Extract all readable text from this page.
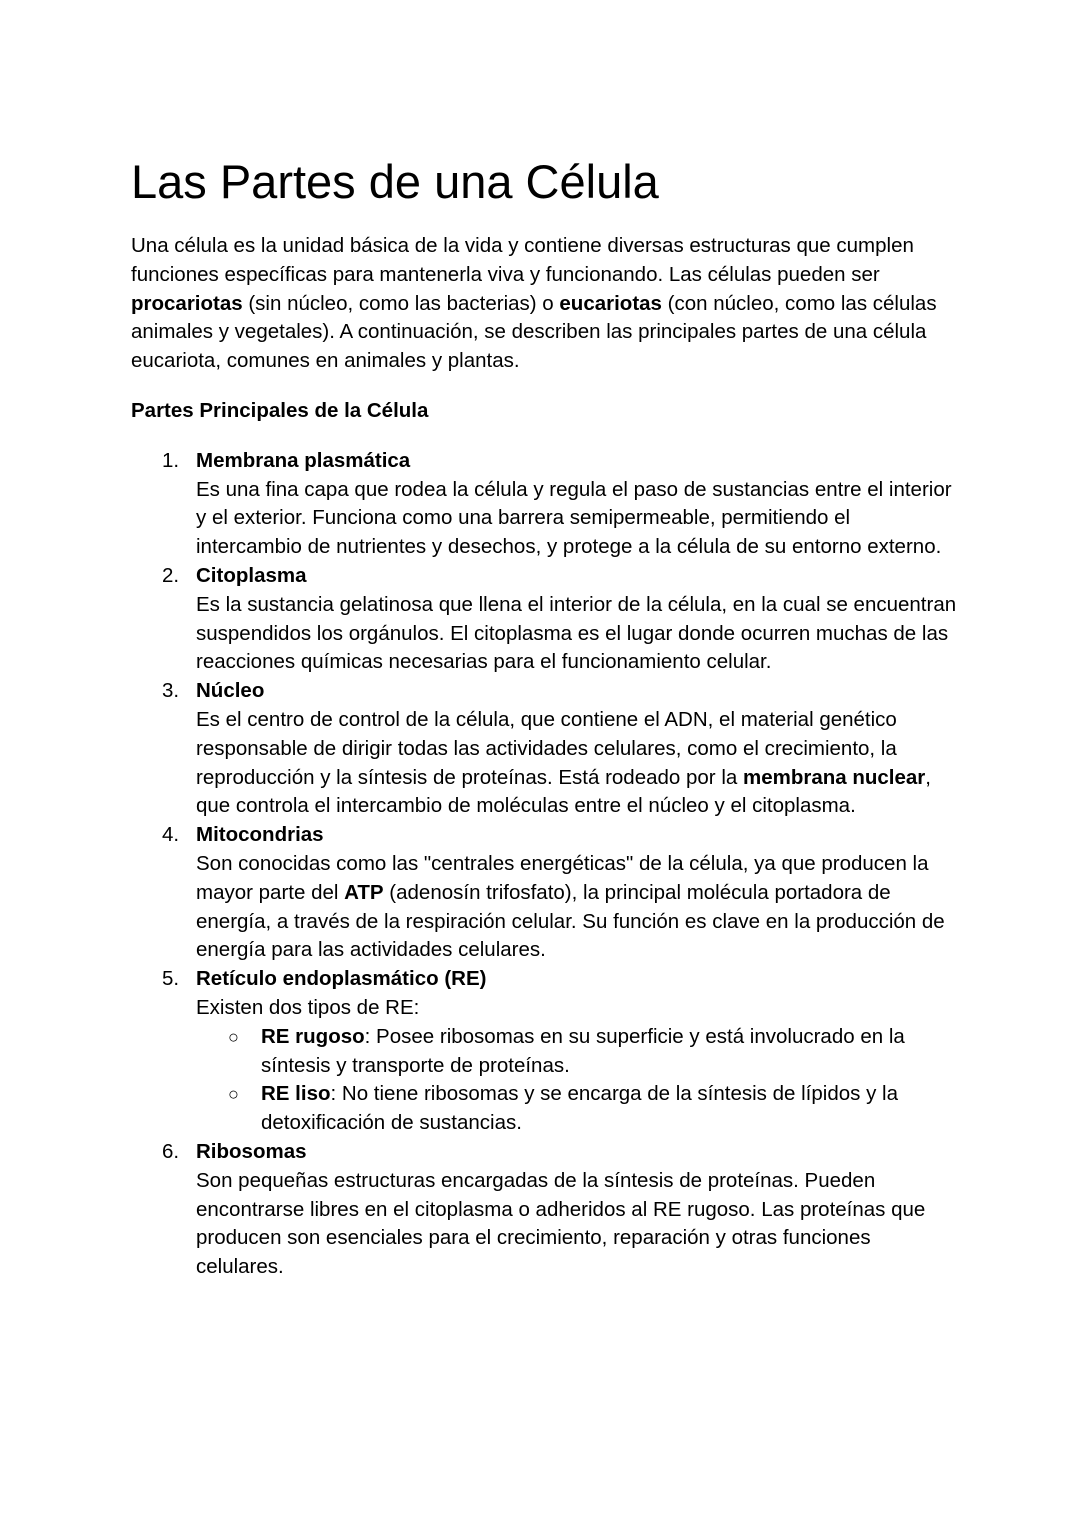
Las Partes de una Célula

Una célula es la unidad básica de la vida y contiene diversas estructuras que cumplen funciones específicas para mantenerla viva y funcionando. Las células pueden ser procariotas (sin núcleo, como las bacterias) o eucariotas (con núcleo, como las células animales y vegetales). A continuación, se describen las principales partes de una célula eucariota, comunes en animales y plantas.

Partes Principales de la Célula

1. Membrana plasmática
Es una fina capa que rodea la célula y regula el paso de sustancias entre el interior y el exterior. Funciona como una barrera semipermeable, permitiendo el intercambio de nutrientes y desechos, y protege a la célula de su entorno externo.
2. Citoplasma
Es la sustancia gelatinosa que llena el interior de la célula, en la cual se encuentran suspendidos los orgánulos. El citoplasma es el lugar donde ocurren muchas de las reacciones químicas necesarias para el funcionamiento celular.
3. Núcleo
Es el centro de control de la célula, que contiene el ADN, el material genético responsable de dirigir todas las actividades celulares, como el crecimiento, la reproducción y la síntesis de proteínas. Está rodeado por la membrana nuclear, que controla el intercambio de moléculas entre el núcleo y el citoplasma.
4. Mitocondrias
Son conocidas como las "centrales energéticas" de la célula, ya que producen la mayor parte del ATP (adenosín trifosfato), la principal molécula portadora de energía, a través de la respiración celular. Su función es clave en la producción de energía para las actividades celulares.
5. Retículo endoplasmático (RE)
Existen dos tipos de RE:
○ RE rugoso: Posee ribosomas en su superficie y está involucrado en la síntesis y transporte de proteínas.
○ RE liso: No tiene ribosomas y se encarga de la síntesis de lípidos y la detoxificación de sustancias.
6. Ribosomas
Son pequeñas estructuras encargadas de la síntesis de proteínas. Pueden encontrarse libres en el citoplasma o adheridos al RE rugoso. Las proteínas que producen son esenciales para el crecimiento, reparación y otras funciones celulares.
